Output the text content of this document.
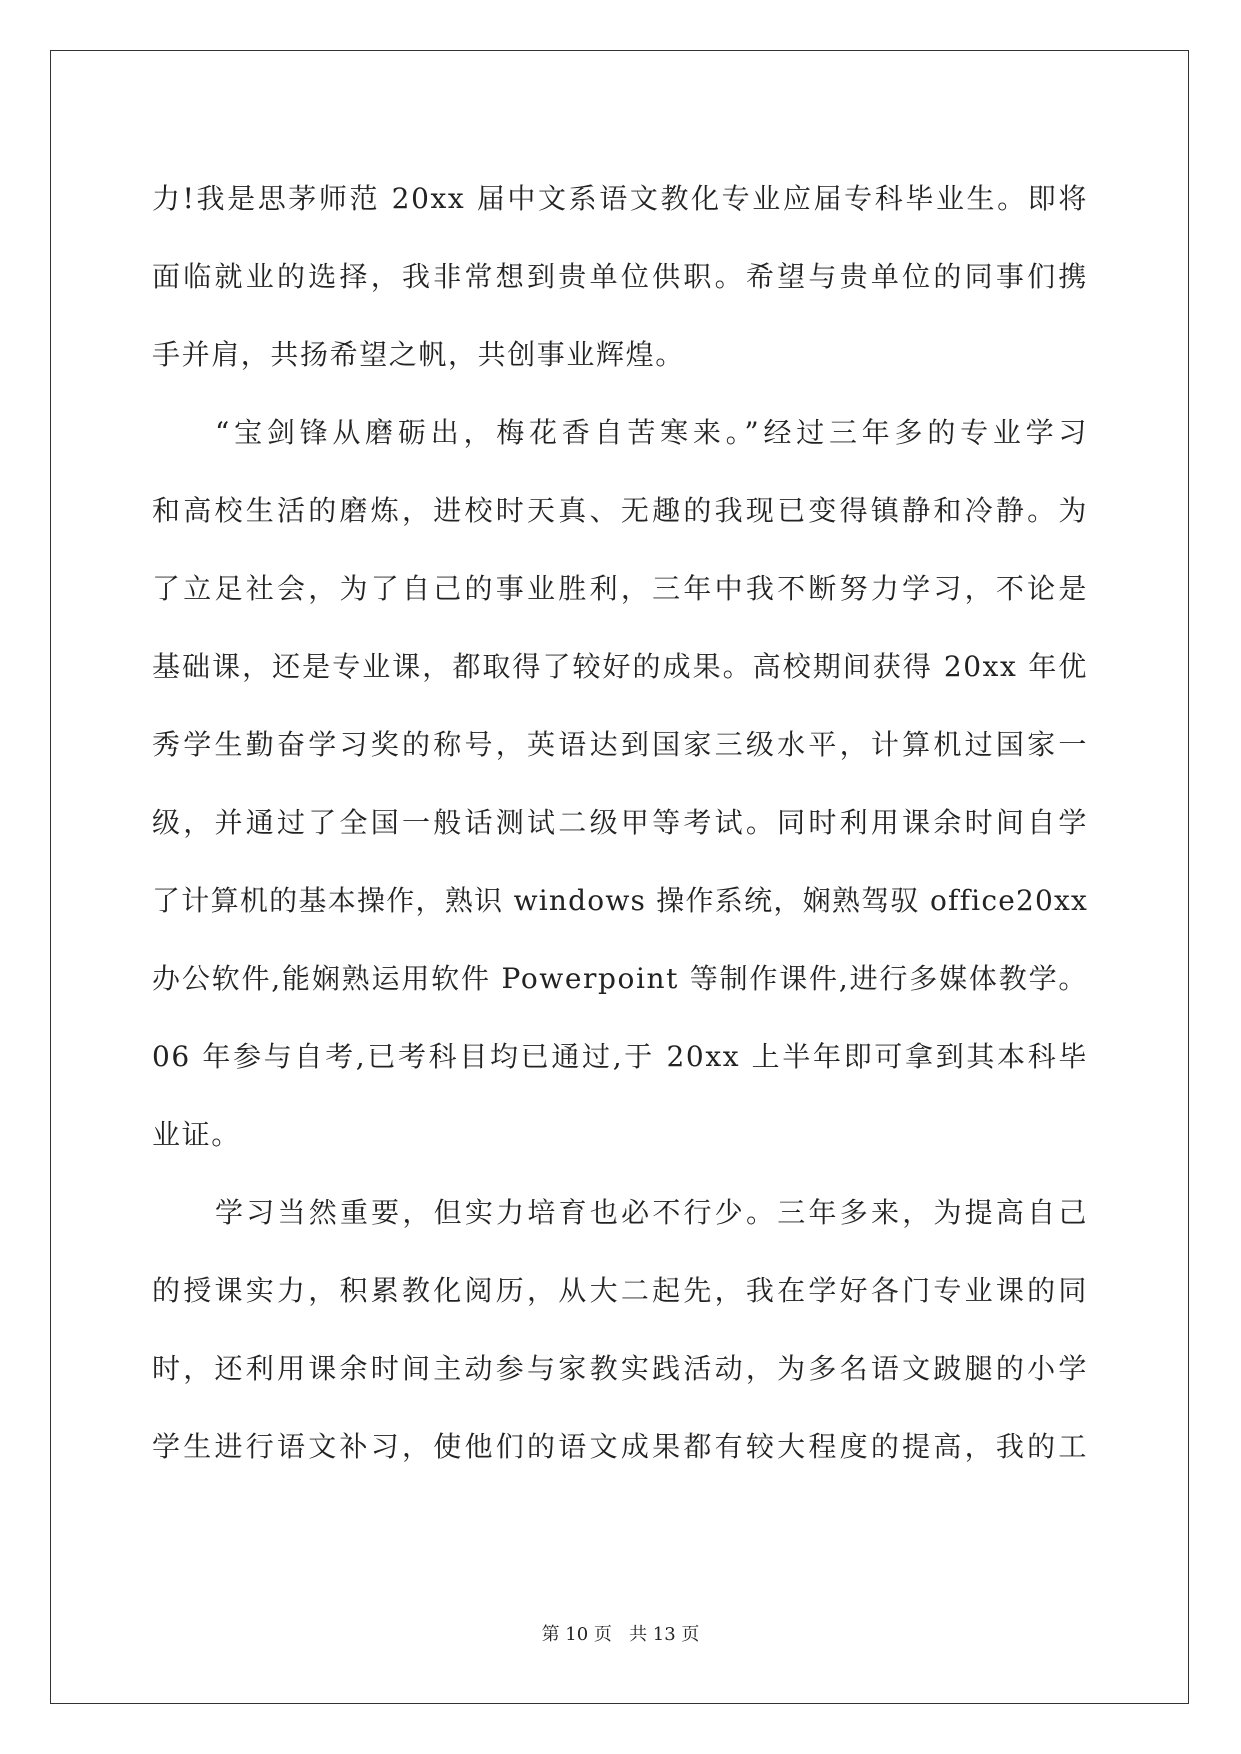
力!我是思茅师范 20xx 届中文系语文教化专业应届专科毕业生。即将
面临就业的选择，我非常想到贵单位供职。希望与贵单位的同事们携
手并肩，共扬希望之帆，共创事业辉煌。
“宝剑锋从磨砺出，梅花香自苦寒来。”经过三年多的专业学习
和高校生活的磨炼，进校时天真、无趣的我现已变得镇静和冷静。为
了立足社会，为了自己的事业胜利，三年中我不断努力学习，不论是
基础课，还是专业课，都取得了较好的成果。高校期间获得 20xx 年优
秀学生勤奋学习奖的称号，英语达到国家三级水平，计算机过国家一
级，并通过了全国一般话测试二级甲等考试。同时利用课余时间自学
了计算机的基本操作，熟识 windows 操作系统，娴熟驾驭 office20xx
办公软件,能娴熟运用软件 Powerpoint 等制作课件,进行多媒体教学。
06 年参与自考,已考科目均已通过,于 20xx 上半年即可拿到其本科毕
业证。
学习当然重要，但实力培育也必不行少。三年多来，为提高自己
的授课实力，积累教化阅历，从大二起先，我在学好各门专业课的同
时，还利用课余时间主动参与家教实践活动，为多名语文跛腿的小学
学生进行语文补习，使他们的语文成果都有较大程度的提高，我的工
第 10 页   共 13 页
